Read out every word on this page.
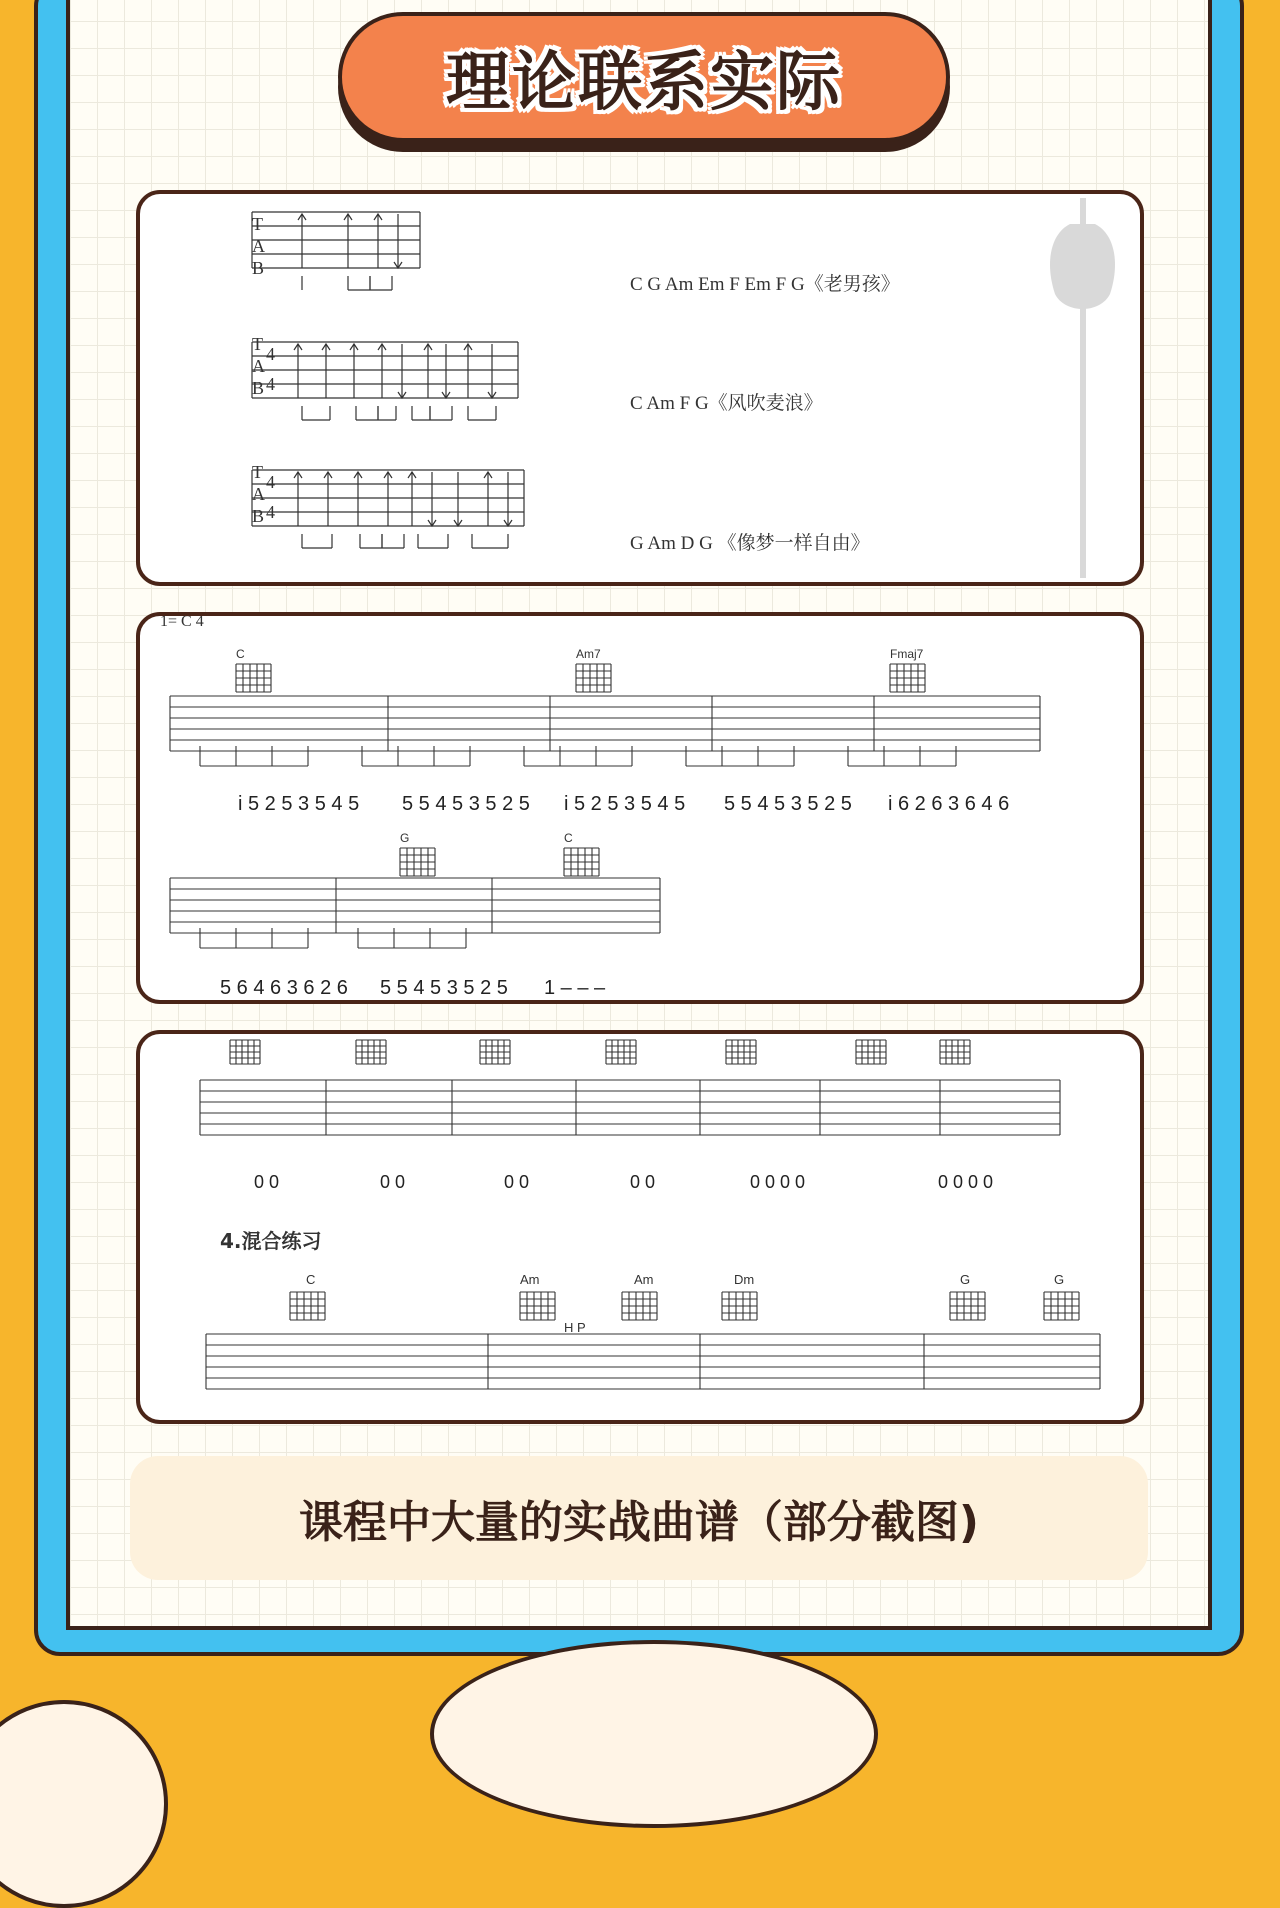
理论联系实际
T
A
B
T
A
B
4
4
T
A
B
4
4
C G Am Em F Em F G《老男孩》
C Am F G《风吹麦浪》
G Am D G 《像梦一样自由》
1= C 4
C	Am7	Fmaj7
G	C
i 5 2 5 3 5 4 5 5 5 4 5 3 5 2 5 i 5 2 5 3 5 4 5 5 5 4 5 3 5 2 5 i 6 2 6 3 6 4 6
5 6 4 6 3 6 2 6 5 5 4 5 3 5 2 5 1 – – –
0 0	0 0	0 0	0 0	0 0 0 0	0 0 0 0
4.混合练习
C	Am	Am	Dm	G	G
H P
课程中大量的实战曲谱（部分截图)
